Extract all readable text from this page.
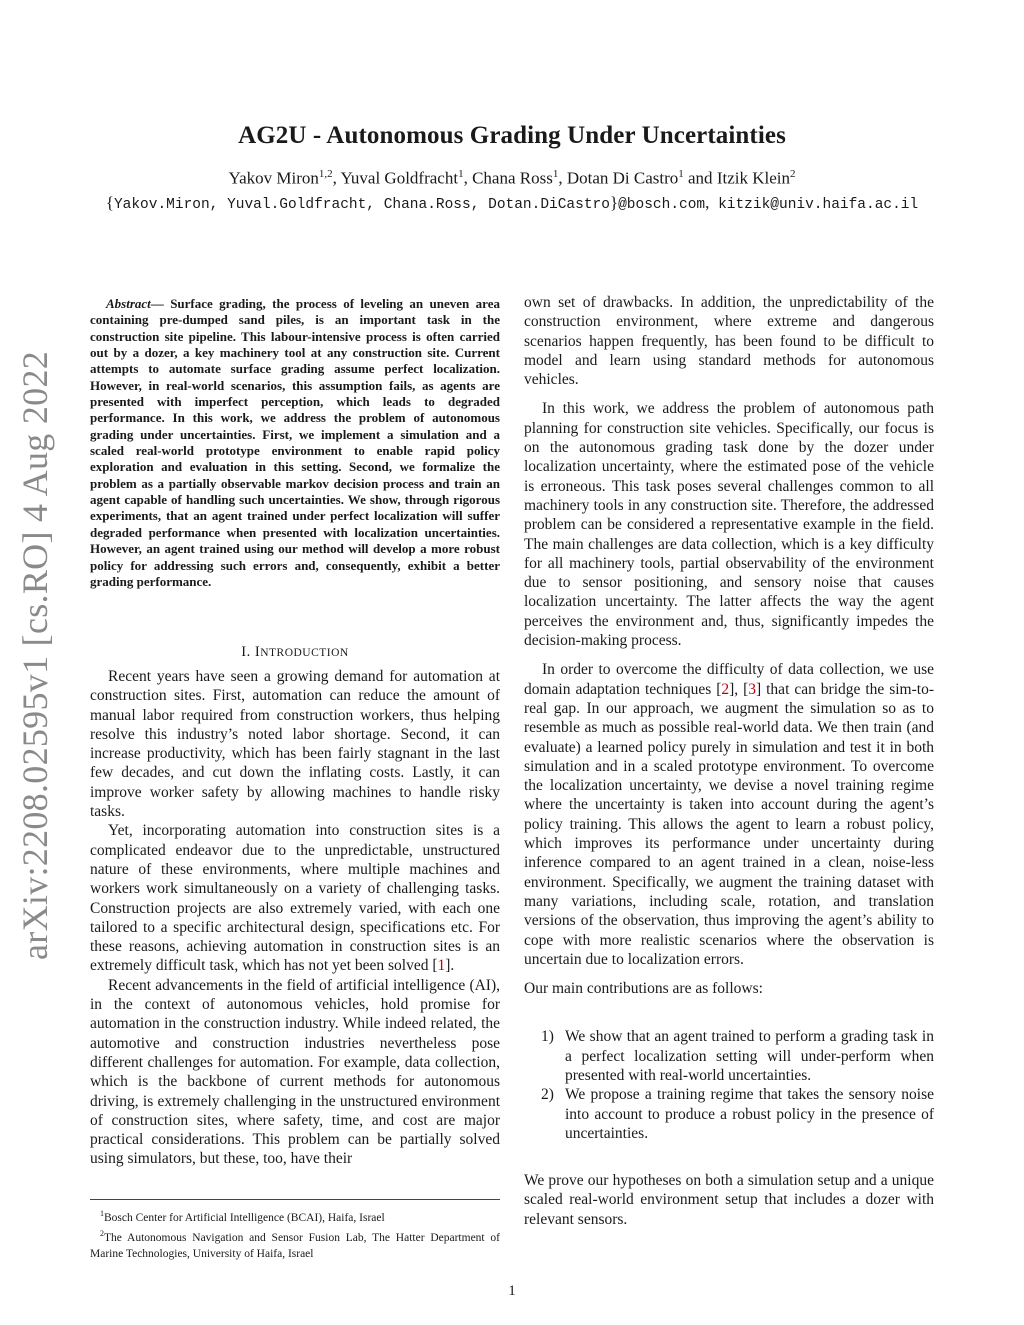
AG2U - Autonomous Grading Under Uncertainties
Yakov Miron$^{1,2}$, Yuval Goldfracht$^1$, Chana Ross$^1$, Dotan Di Castro$^1$ and Itzik Klein$^2$
{Yakov.Miron, Yuval.Goldfracht, Chana.Ross, Dotan.DiCastro}@bosch.com, kitzik@univ.haifa.ac.il
arXiv:2208.02595v1 [cs.RO] 4 Aug 2022
Abstract— Surface grading, the process of leveling an uneven area containing pre-dumped sand piles, is an important task in the construction site pipeline. This labour-intensive process is often carried out by a dozer, a key machinery tool at any construction site. Current attempts to automate surface grading assume perfect localization. However, in real-world scenarios, this assumption fails, as agents are presented with imperfect perception, which leads to degraded performance. In this work, we address the problem of autonomous grading under uncertainties. First, we implement a simulation and a scaled real-world prototype environment to enable rapid policy exploration and evaluation in this setting. Second, we formalize the problem as a partially observable markov decision process and train an agent capable of handling such uncertainties. We show, through rigorous experiments, that an agent trained under perfect localization will suffer degraded performance when presented with localization uncertainties. However, an agent trained using our method will develop a more robust policy for addressing such errors and, consequently, exhibit a better grading performance.
I. INTRODUCTION

Recent years have seen a growing demand for automation at construction sites. First, automation can reduce the amount of manual labor required from construction workers, thus helping resolve this industry’s noted labor shortage. Second, it can increase productivity, which has been fairly stagnant in the last few decades, and cut down the inflating costs. Lastly, it can improve worker safety by allowing machines to handle risky tasks.

Yet, incorporating automation into construction sites is a complicated endeavor due to the unpredictable, unstructured nature of these environments, where multiple machines and workers work simultaneously on a variety of challenging tasks. Construction projects are also extremely varied, with each one tailored to a specific architectural design, specifications etc. For these reasons, achieving automation in construction sites is an extremely difficult task, which has not yet been solved [1].

Recent advancements in the field of artificial intelligence (AI), in the context of autonomous vehicles, hold promise for automation in the construction industry. While indeed related, the automotive and construction industries nevertheless pose different challenges for automation. For example, data collection, which is the backbone of current methods for autonomous driving, is extremely challenging in the unstructured environment of construction sites, where safety, time, and cost are major practical considerations. This problem can be partially solved using simulators, but these, too, have their

$^1$Bosch Center for Artificial Intelligence (BCAI), Haifa, Israel

$^2$The Autonomous Navigation and Sensor Fusion Lab, The Hatter Department of Marine Technologies, University of Haifa, Israel

own set of drawbacks. In addition, the unpredictability of the construction environment, where extreme and dangerous scenarios happen frequently, has been found to be difficult to model and learn using standard methods for autonomous vehicles.

In this work, we address the problem of autonomous path planning for construction site vehicles. Specifically, our focus is on the autonomous grading task done by the dozer under localization uncertainty, where the estimated pose of the vehicle is erroneous. This task poses several challenges common to all machinery tools in any construction site. Therefore, the addressed problem can be considered a representative example in the field. The main challenges are data collection, which is a key difficulty for all machinery tools, partial observability of the environment due to sensor positioning, and sensory noise that causes localization uncertainty. The latter affects the way the agent perceives the environment and, thus, significantly impedes the decision-making process.

In order to overcome the difficulty of data collection, we use domain adaptation techniques [2], [3] that can bridge the sim-to-real gap. In our approach, we augment the simulation so as to resemble as much as possible real-world data. We then train (and evaluate) a learned policy purely in simulation and test it in both simulation and in a scaled prototype environment. To overcome the localization uncertainty, we devise a novel training regime where the uncertainty is taken into account during the agent’s policy training. This allows the agent to learn a robust policy, which improves its performance under uncertainty during inference compared to an agent trained in a clean, noise-less environment. Specifically, we augment the training dataset with many variations, including scale, rotation, and translation versions of the observation, thus improving the agent’s ability to cope with more realistic scenarios where the observation is uncertain due to localization errors.

Our main contributions are as follows:

1) We show that an agent trained to perform a grading task in a perfect localization setting will under-perform when presented with real-world uncertainties.
2) We propose a training regime that takes the sensory noise into account to produce a robust policy in the presence of uncertainties.

We prove our hypotheses on both a simulation setup and a unique scaled real-world environment setup that includes a dozer with relevant sensors.

1
